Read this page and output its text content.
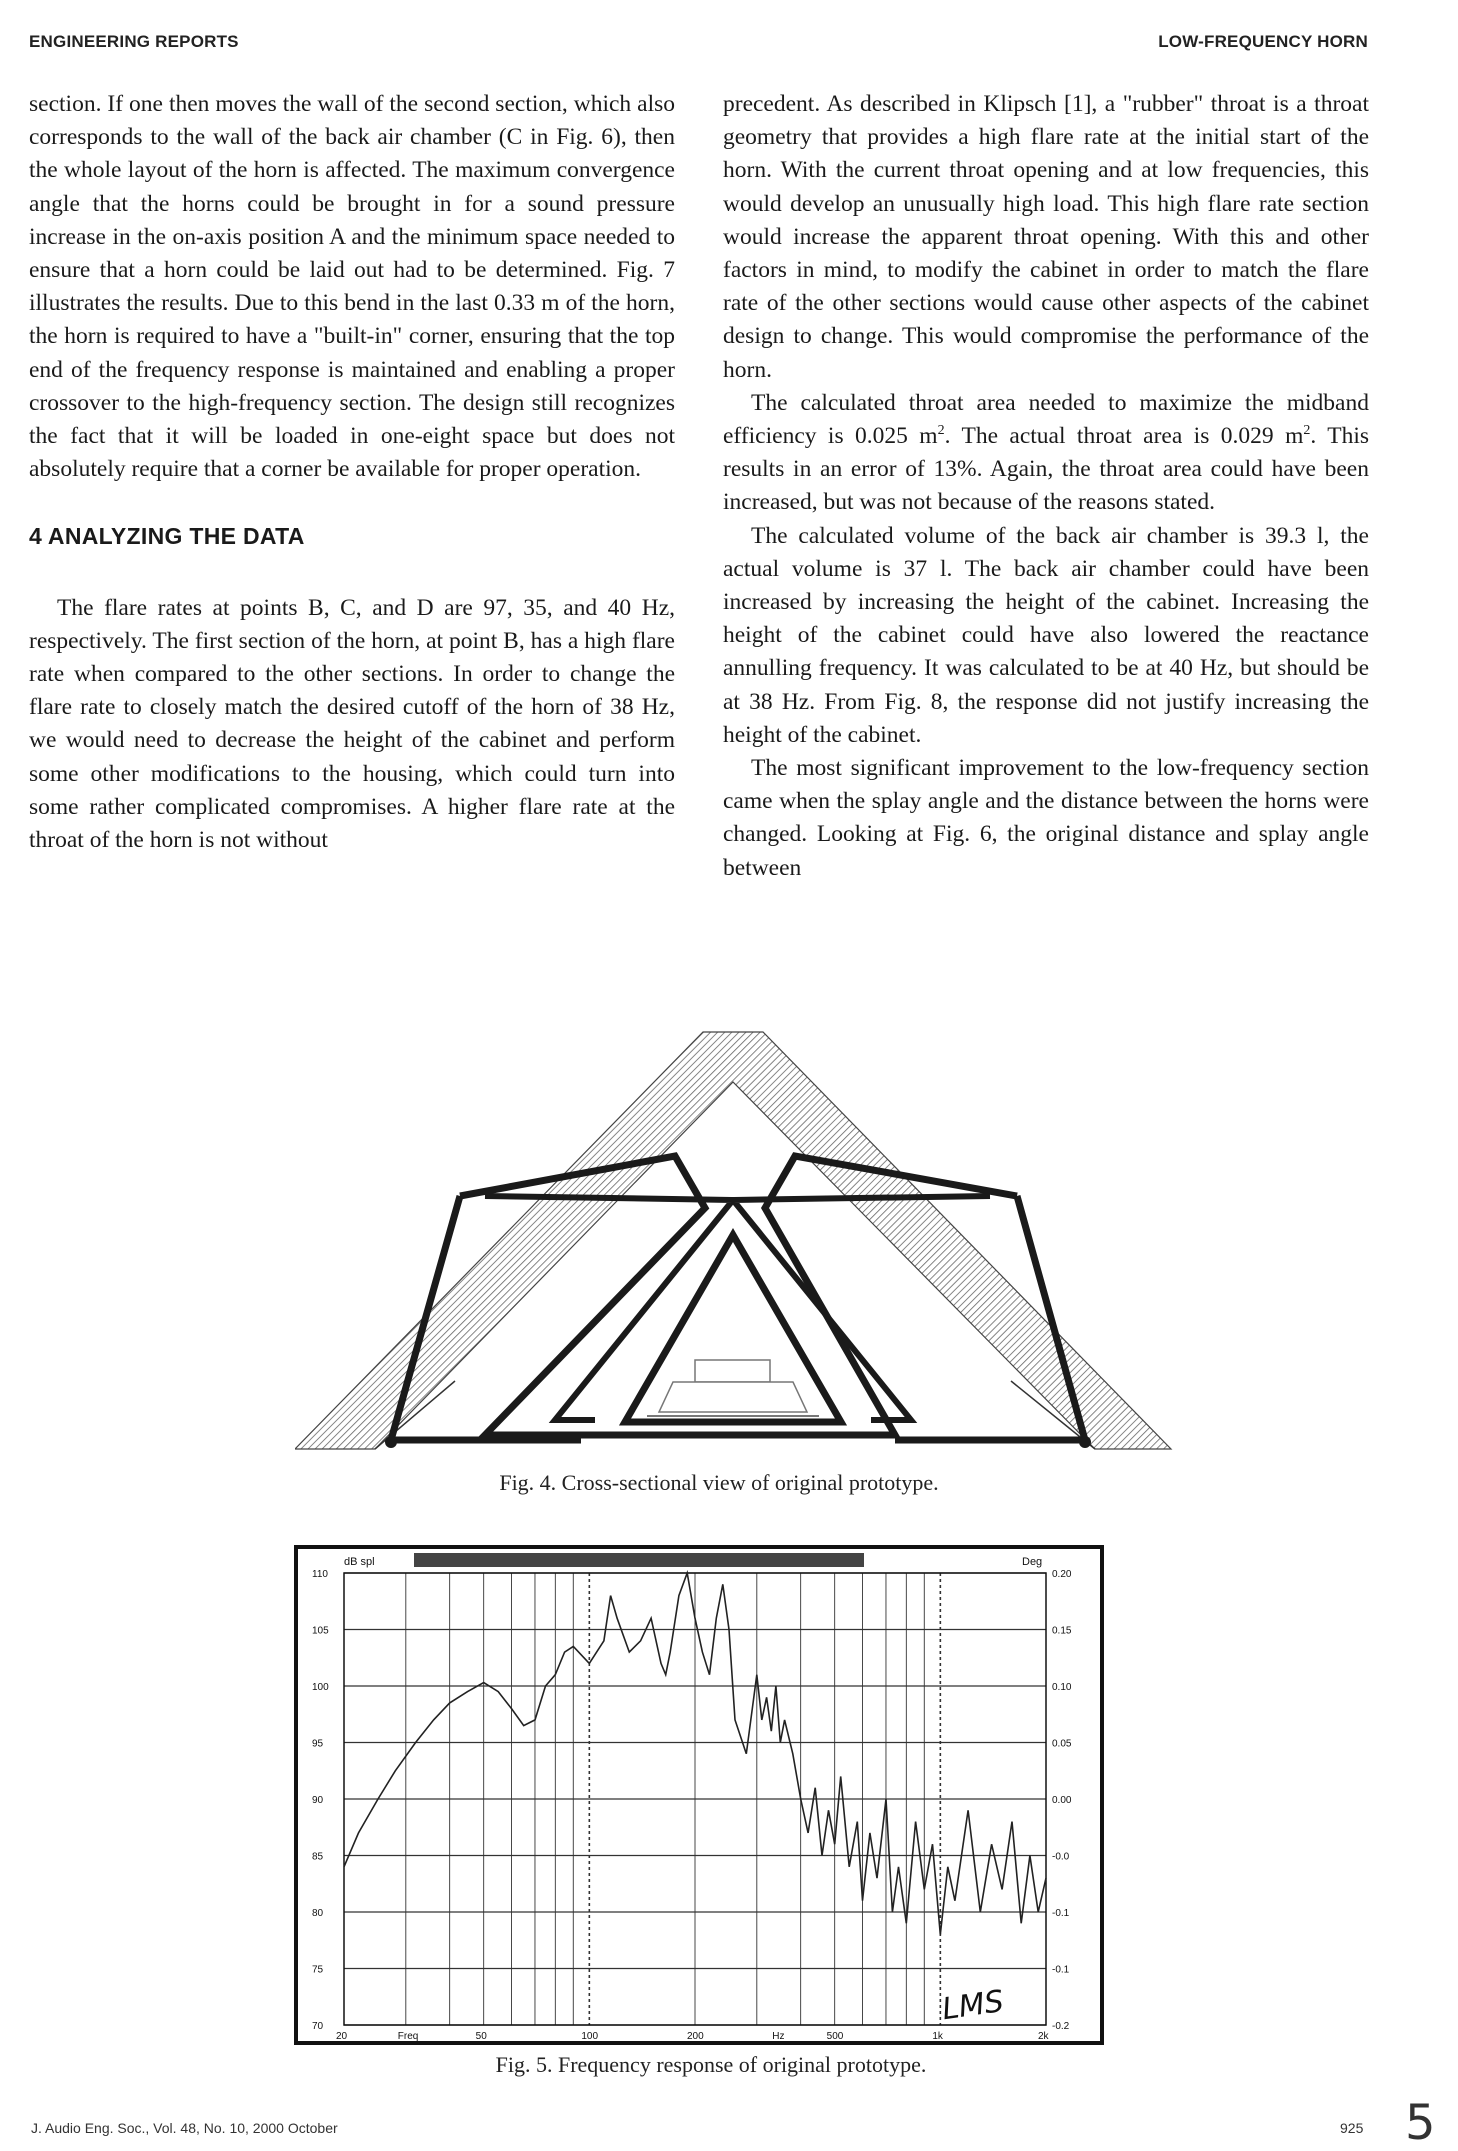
ENGINEERING REPORTS	LOW-FREQUENCY HORN

section. If one then moves the wall of the second section, which also corresponds to the wall of the back air chamber (C in Fig. 6), then the whole layout of the horn is affected. The maximum convergence angle that the horns could be brought in for a sound pressure increase in the on-axis position A and the minimum space needed to ensure that a horn could be laid out had to be determined. Fig. 7 illustrates the results. Due to this bend in the last 0.33 m of the horn, the horn is required to have a "built-in" corner, ensuring that the top end of the frequency response is maintained and enabling a proper crossover to the high-frequency section. The design still recognizes the fact that it will be loaded in one-eight space but does not absolutely require that a corner be available for proper operation.

4 ANALYZING THE DATA

The flare rates at points B, C, and D are 97, 35, and 40 Hz, respectively. The first section of the horn, at point B, has a high flare rate when compared to the other sections. In order to change the flare rate to closely match the desired cutoff of the horn of 38 Hz, we would need to decrease the height of the cabinet and perform some other modifications to the housing, which could turn into some rather complicated compromises. A higher flare rate at the throat of the horn is not without

precedent. As described in Klipsch [1], a "rubber" throat is a throat geometry that provides a high flare rate at the initial start of the horn. With the current throat opening and at low frequencies, this would develop an unusually high load. This high flare rate section would increase the apparent throat opening. With this and other factors in mind, to modify the cabinet in order to match the flare rate of the other sections would cause other aspects of the cabinet design to change. This would compromise the performance of the horn.

The calculated throat area needed to maximize the midband efficiency is 0.025 $m^2$. The actual throat area is 0.029 $m^2$. This results in an error of 13%. Again, the throat area could have been increased, but was not because of the reasons stated.

The calculated volume of the back air chamber is 39.3 l, the actual volume is 37 l. The back air chamber could have been increased by increasing the height of the cabinet. Increasing the height of the cabinet could have also lowered the reactance annulling frequency. It was calculated to be at 40 Hz, but should be at 38 Hz. From Fig. 8, the response did not justify increasing the height of the cabinet.

The most significant improvement to the low-frequency section came when the splay angle and the distance between the horns were changed. Looking at Fig. 6, the original distance and splay angle between

Fig. 4. Cross-sectional view of original prototype.
dB spl	Deg
110
105
100
95
90
85
80
75
70
0.20
0.15
0.10
0.05
0.00
-0.0
-0.1
-0.1
-0.2
20	Freq	50	100	200	Hz	500	1k	2k
LMS
Fig. 5. Frequency response of original prototype.
J. Audio Eng. Soc., Vol. 48, No. 10, 2000 October	925 5
